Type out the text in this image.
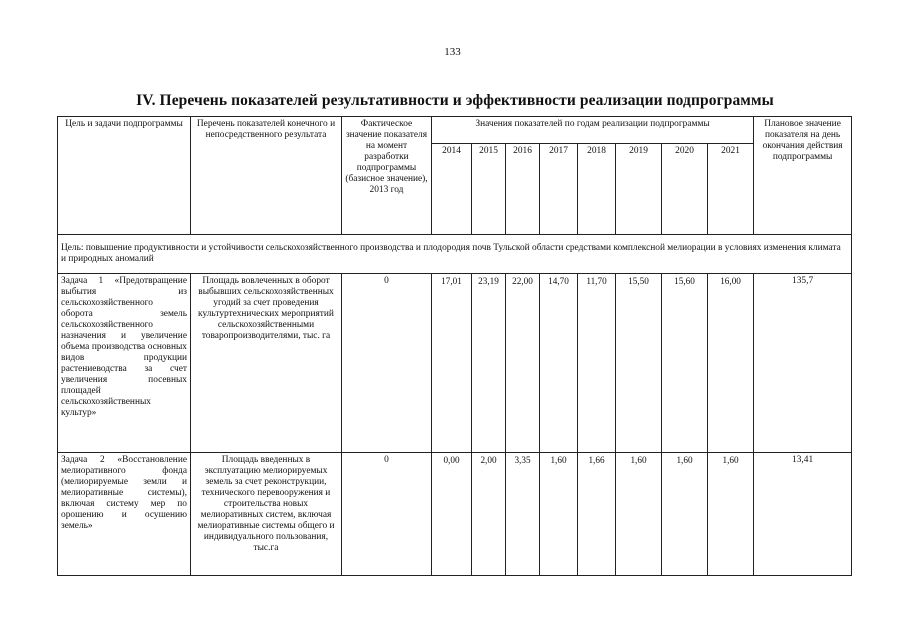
133
IV. Перечень показателей результативности и эффективности реализации подпрограммы
Цель и задачи подпрограммы	Перечень показателей конечного и непосредственного результата	Фактическое значение показателя на момент разработки подпрограммы (базисное значение), 2013 год	Значения показателей по годам реализации подпрограммы								Плановое значение показателя на день окончания действия подпрограммы
			2014	2015	2016	2017	2018	2019	2020	2021	
Цель: повышение продуктивности и устойчивости сельскохозяйственного производства и плодородия почв Тульской области средствами комплексной мелиорации в условиях изменения климата и природных аномалий											
Задача 1 «Предотвращение выбытия из сельскохозяйственного оборота земель сельскохозяйственного назначения и увеличение объема производства основных видов продукции растениеводства за счет увеличения посевных площадей сельскохозяйственных культур»	Площадь вовлеченных в оборот выбывших сельскохозяйственных угодий за счет проведения культуртехнических мероприятий сельскохозяйственными товаропроизводителями, тыс. га	0	17,01	23,19	22,00	14,70	11,70	15,50	15,60	16,00	135,7
Задача 2 «Восстановление мелиоративного фонда (мелиорируемые земли и мелиоративные системы), включая систему мер по орошению и осушению земель»	Площадь введенных в эксплуатацию мелиорируемых земель за счет реконструкции, технического перевооружения и строительства новых мелиоративных систем, включая мелиоративные системы общего и индивидуального пользования, тыс.га	0	0,00	2,00	3,35	1,60	1,66	1,60	1,60	1,60	13,41
